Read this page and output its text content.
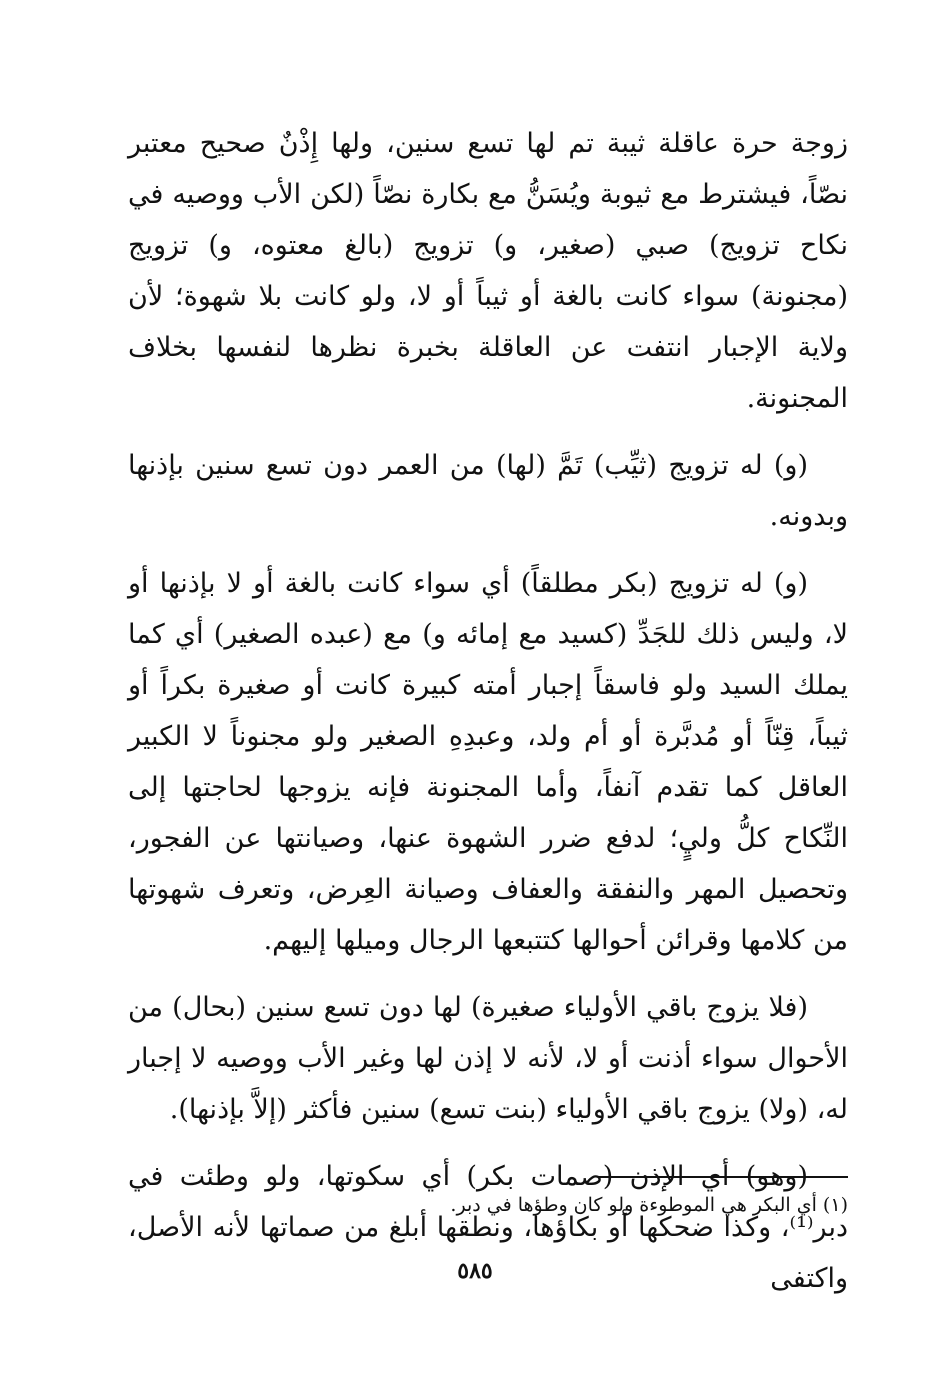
زوجة حرة عاقلة ثيبة تم لها تسع سنين، ولها إِذْنٌ صحيح معتبر نصّاً، فيشترط مع ثيوبة ويُسَنُّ مع بكارة نصّاً (لكن الأب ووصيه في نكاح تزويج) صبي (صغير، و) تزويج (بالغ معتوه، و) تزويج (مجنونة) سواء كانت بالغة أو ثيباً أو لا، ولو كانت بلا شهوة؛ لأن ولاية الإجبار انتفت عن العاقلة بخبرة نظرها لنفسها بخلاف المجنونة.

(و) له تزويج (ثيِّب) تَمَّ (لها) من العمر دون تسع سنين بإذنها وبدونه.

(و) له تزويج (بكر مطلقاً) أي سواء كانت بالغة أو لا بإذنها أو لا، وليس ذلك للجَدِّ (كسيد مع إمائه و) مع (عبده الصغير) أي كما يملك السيد ولو فاسقاً إجبار أمته كبيرة كانت أو صغيرة بكراً أو ثيباً، قِنّاً أو مُدبَّرة أو أم ولد، وعبدِهِ الصغير ولو مجنوناً لا الكبير العاقل كما تقدم آنفاً، وأما المجنونة فإنه يزوجها لحاجتها إلى النِّكاح كلُّ وليٍ؛ لدفع ضرر الشهوة عنها، وصيانتها عن الفجور، وتحصيل المهر والنفقة والعفاف وصيانة العِرض، وتعرف شهوتها من كلامها وقرائن أحوالها كتتبعها الرجال وميلها إليهم.

(فلا يزوج باقي الأولياء صغيرة) لها دون تسع سنين (بحال) من الأحوال سواء أذنت أو لا، لأنه لا إذن لها وغير الأب ووصيه لا إجبار له، (ولا) يزوج باقي الأولياء (بنت تسع) سنين فأكثر (إلاَّ بإذنها).

(وهو) أي الإذن (صمات بكر) أي سكوتها، ولو وطئت في دبر⁽¹⁾، وكذا ضحكها أو بكاؤها، ونطقها أبلغ من صماتها لأنه الأصل، واكتفى

(١) أي البكر هي الموطوءة ولو كان وطؤها في دبر.
٥٨٥
